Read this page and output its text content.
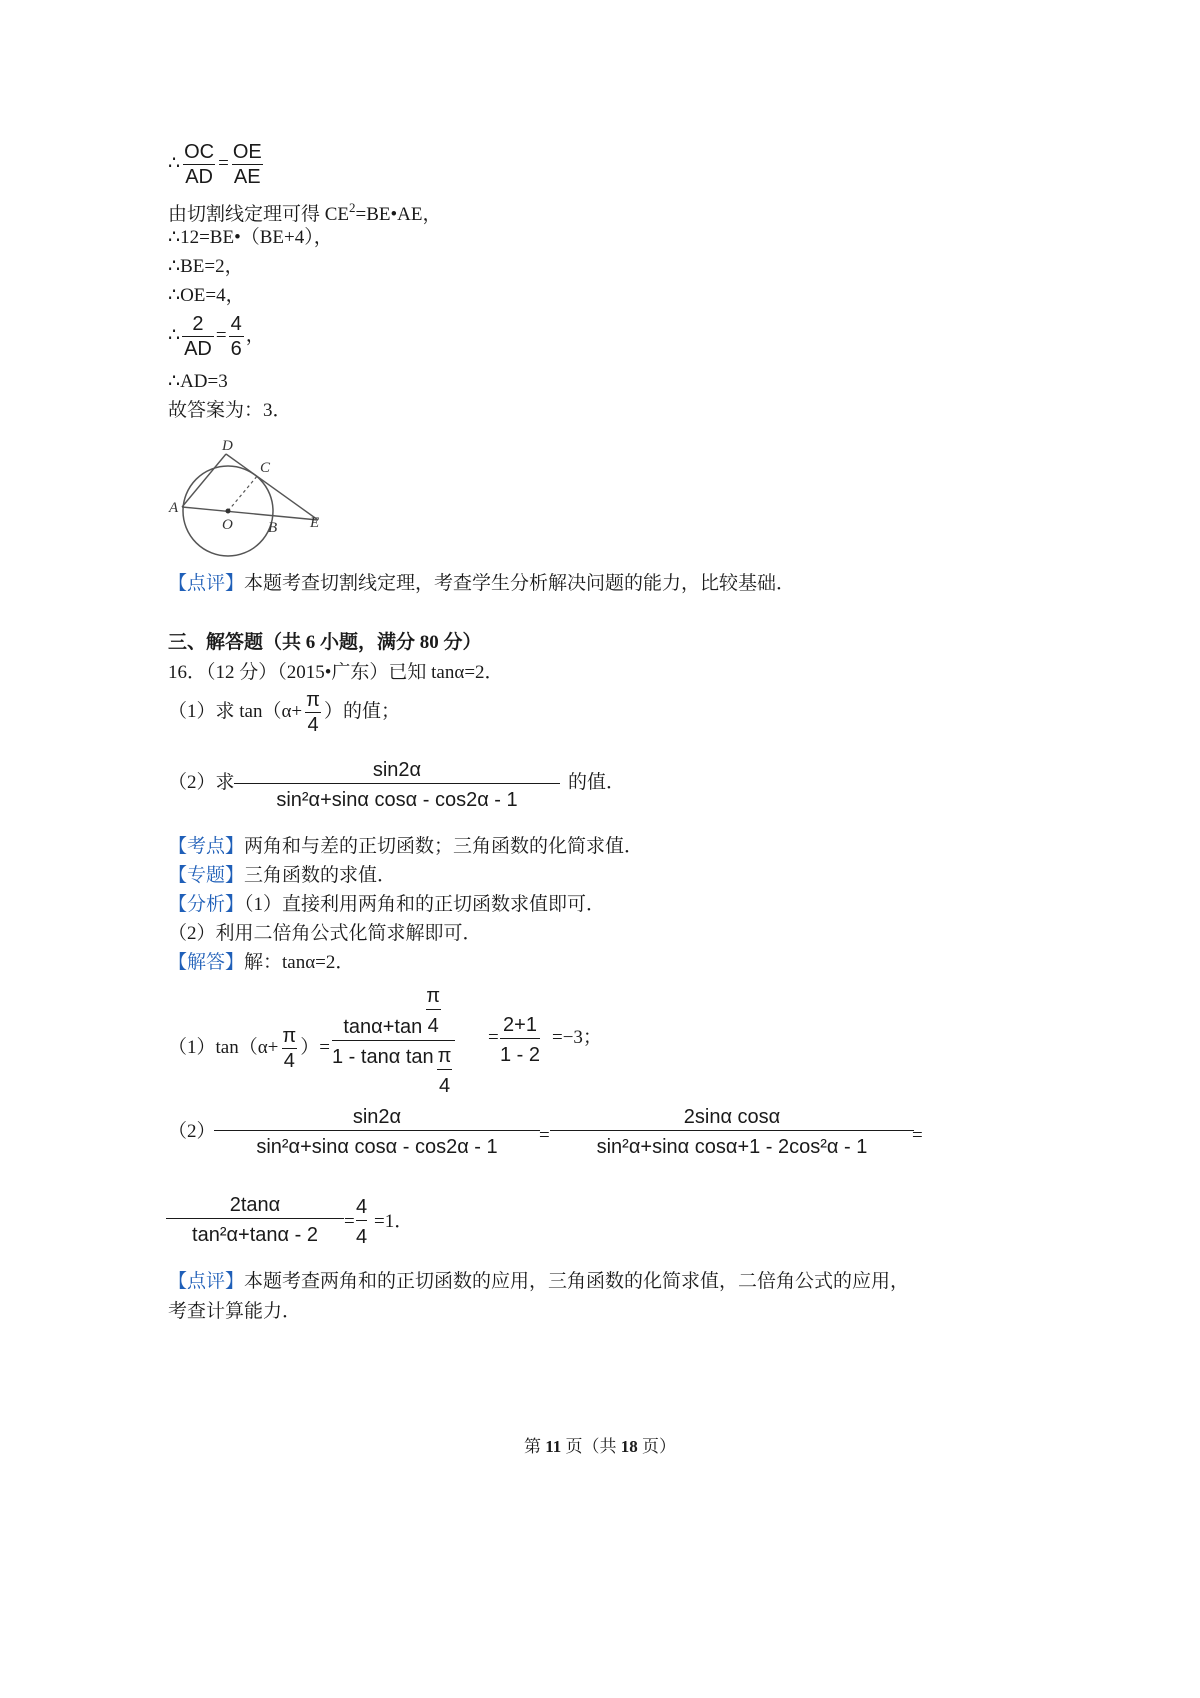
∴ $\frac{OC}{AD} = \frac{OE}{AE}$
由切割线定理可得 $CE^2=BE•AE$，
∴12=BE•（BE+4），
∴BE=2，
∴OE=4，
∴ $\frac{2}{AD} = \frac{4}{6}$ ，
∴AD=3
故答案为：3．
D
C
A
O B E
【点评】本题考查切割线定理，考查学生分析解决问题的能力，比较基础．
三、解答题（共 6 小题，满分 80 分）
16．（12 分）（2015•广东）已知 tanα=2．
（1）求 $\tan(\alpha+ \frac{\pi}{4}$ ）的值；
（2）求 $\frac{\sin 2\alpha}{\text{sin²α+sinα cosα - cos2α - 1}}$ 的值．
【考点】两角和与差的正切函数；三角函数的化简求值．
【专题】三角函数的求值．
【分析】（1）直接利用两角和的正切函数求值即可．
（2）利用二倍角公式化简求解即可．
【解答】解：tanα=2．
$(1)\tan(\alpha+ \frac{\pi}{4}$ ）= $\frac{\tan\alpha+\tan \frac{\pi}{4}}{1 - \tan\alpha \tan \frac{\pi}{4}} = \frac{2+1}{1 - 2} =-3$；
（2）
$\frac{\sin 2\alpha}{\text{sin²α+sinα cosα - cos2α - 1}} = \frac{\text{2sinα cosα}}{\text{sin²α+sinα cosα+1 - 2cos²α - 1}}$
=
$\frac{2\tan\alpha}{\text{tan²α+tanα - 2}} = \frac{4}{4} =1$．
【点评】本题考查两角和的正切函数的应用，三角函数的化简求值，二倍角公式的应用，
考查计算能力．
第 11 页（共 18 页）
